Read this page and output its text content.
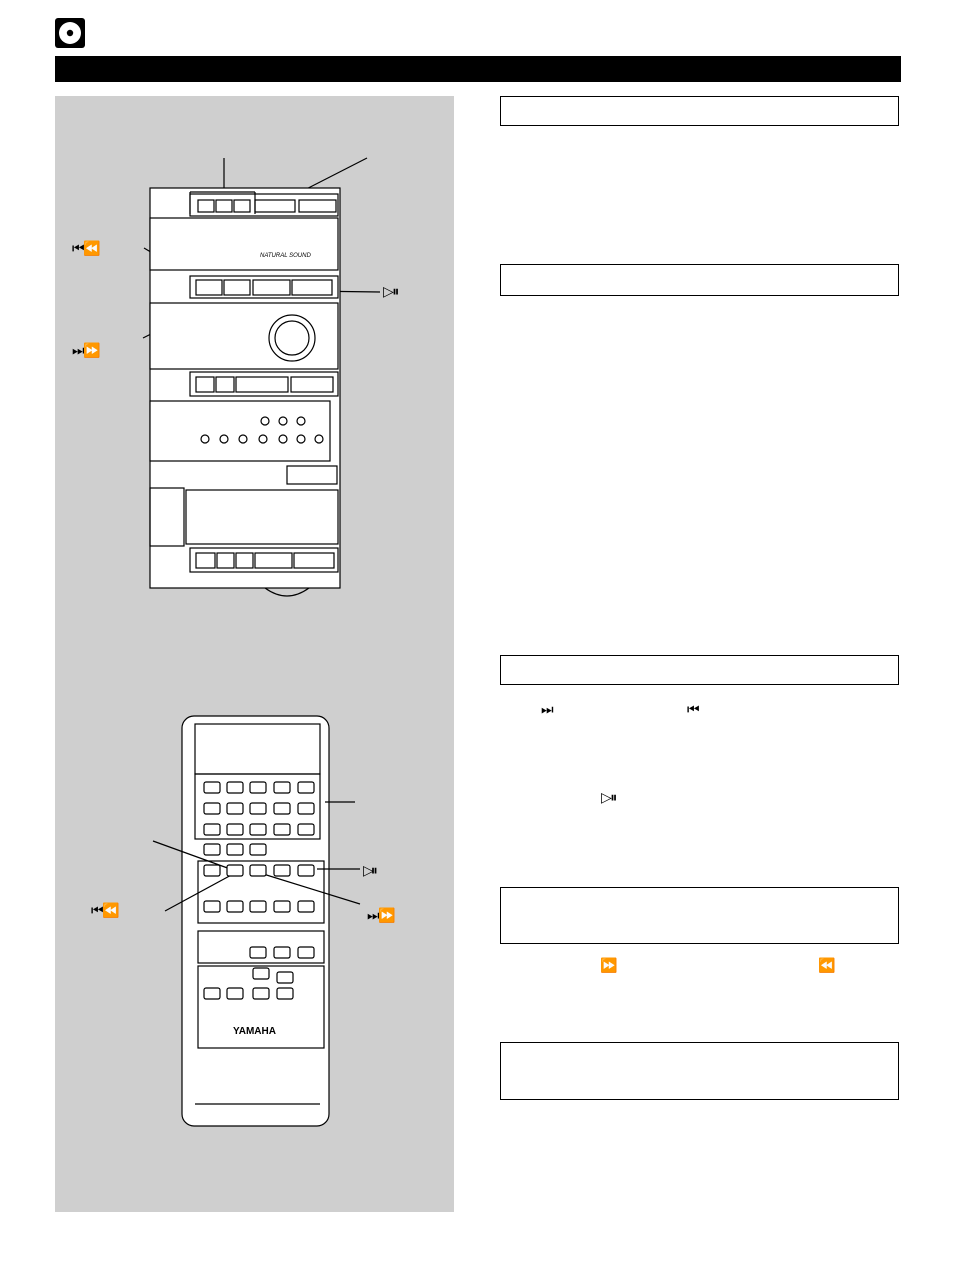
⏮ ⏪
⏭ ⏩
▷ ⏸
▷⏸
⏮ ⏪	⏭ ⏩
YAMAHA
NATURAL SOUND
⏭	⏮
▷ ⏸
⏩	⏪
